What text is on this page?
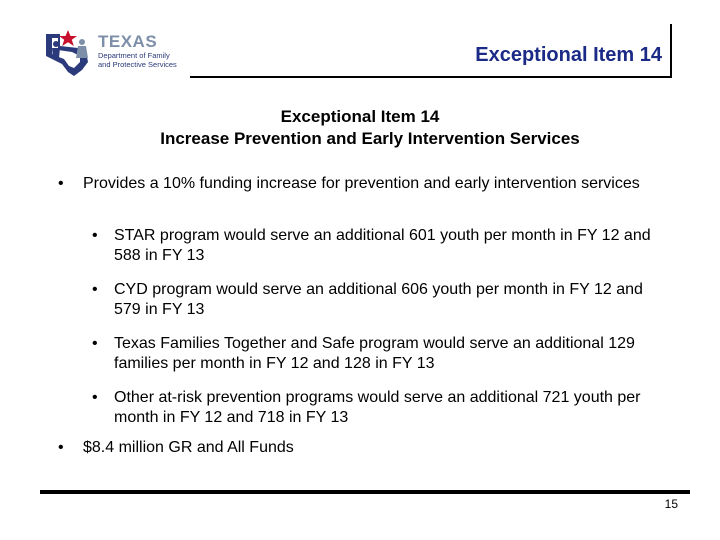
TEXAS
Department of Family
and Protective Services	Exceptional Item 14
Exceptional Item 14
Increase Prevention and Early Intervention Services
• Provides a 10% funding increase for prevention and early intervention services
• STAR program would serve an additional 601 youth per month in FY 12 and 588 in FY 13
• CYD program would serve an additional 606 youth per month in FY 12 and 579 in FY 13
• Texas Families Together and Safe program would serve an additional 129 families per month in FY 12 and 128 in FY 13
• Other at-risk prevention programs would serve an additional 721 youth per month in FY 12 and 718 in FY 13
• $8.4 million GR and All Funds
15
